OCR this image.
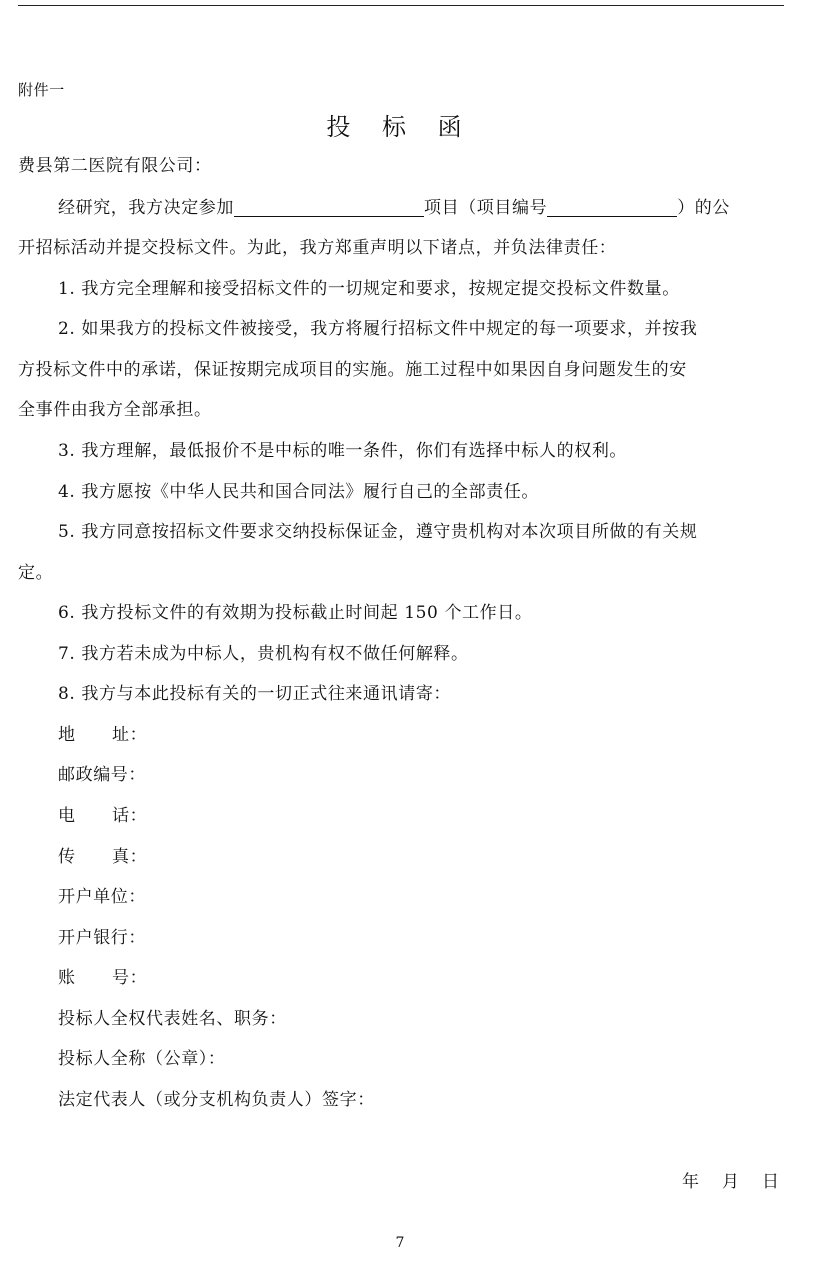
附件一
投 标 函
费县第二医院有限公司：
经研究，我方决定参加	项目（项目编号	）的公
开招标活动并提交投标文件。为此，我方郑重声明以下诸点，并负法律责任：
1. 我方完全理解和接受招标文件的一切规定和要求，按规定提交投标文件数量。
2. 如果我方的投标文件被接受，我方将履行招标文件中规定的每一项要求，并按我
方投标文件中的承诺，保证按期完成项目的实施。施工过程中如果因自身问题发生的安
全事件由我方全部承担。
3. 我方理解，最低报价不是中标的唯一条件，你们有选择中标人的权利。
4. 我方愿按《中华人民共和国合同法》履行自己的全部责任。
5. 我方同意按招标文件要求交纳投标保证金，遵守贵机构对本次项目所做的有关规
定。
6. 我方投标文件的有效期为投标截止时间起 150 个工作日。
7. 我方若未成为中标人，贵机构有权不做任何解释。
8. 我方与本此投标有关的一切正式往来通讯请寄：
地 址：
邮政编号：
电 话：
传 真：
开户单位：
开户银行：
账 号：
投标人全权代表姓名、职务：
投标人全称（公章）：
法定代表人（或分支机构负责人）签字：
年 月 日
7
